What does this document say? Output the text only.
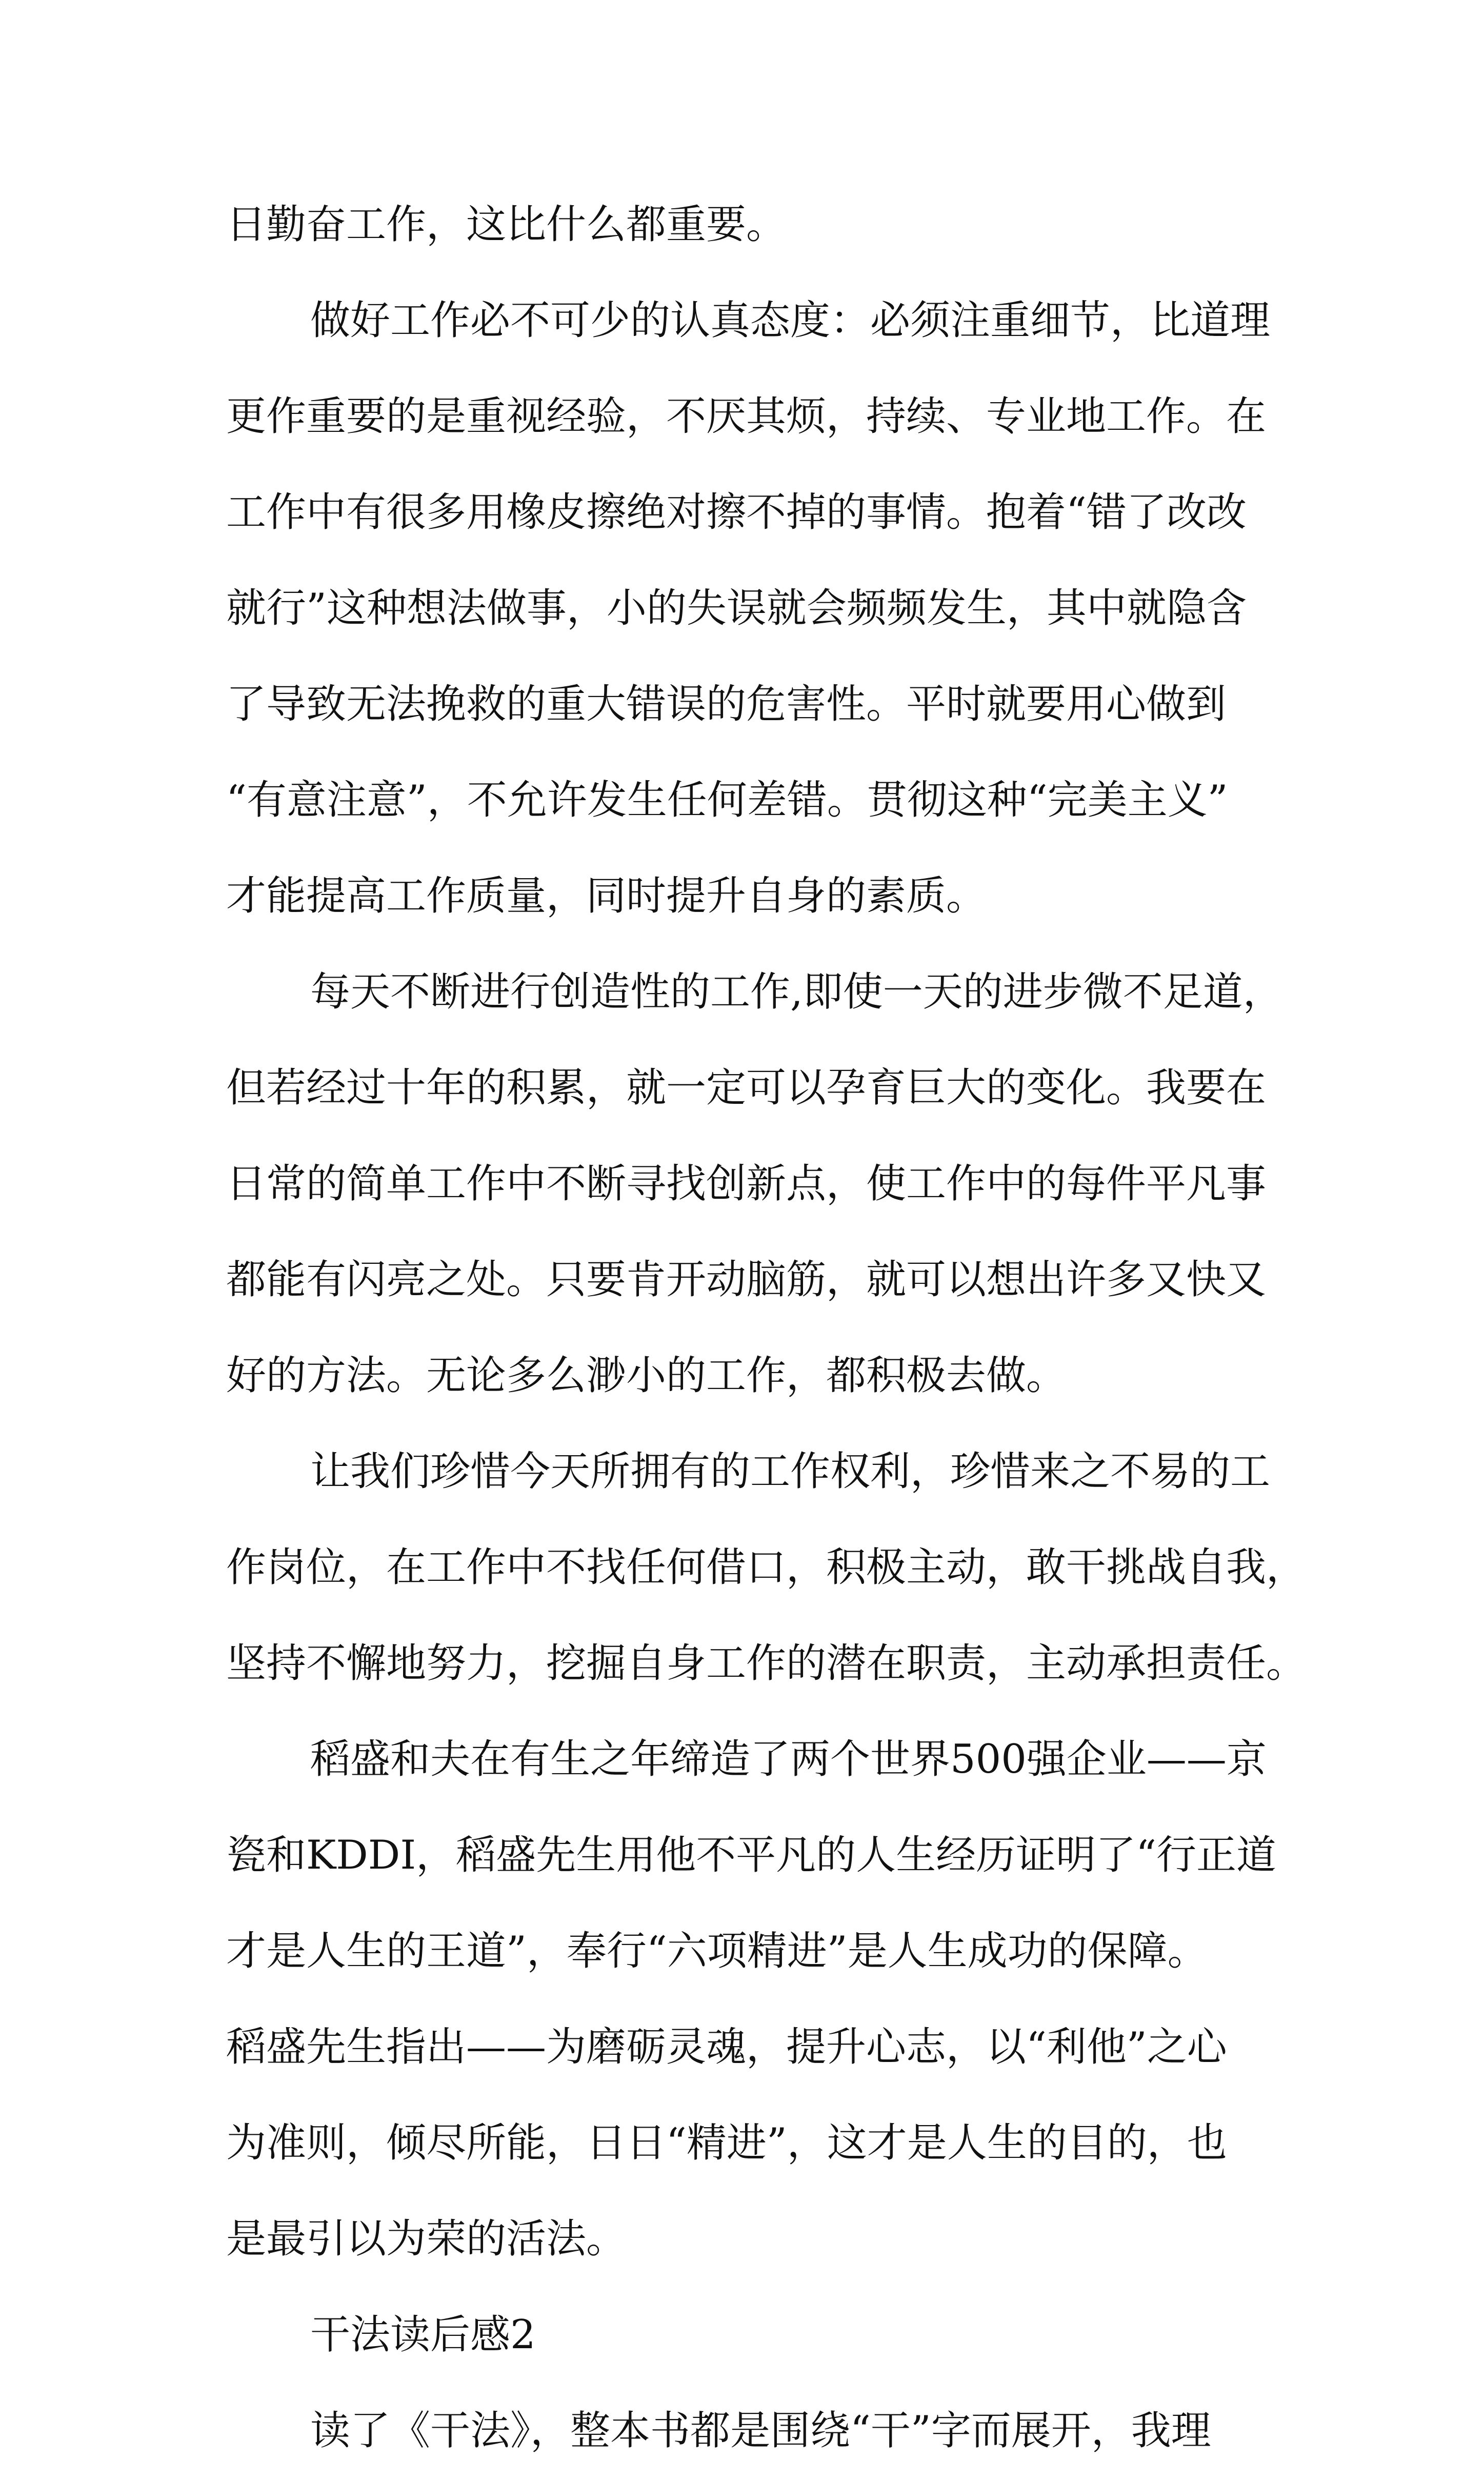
日勤奋工作，这比什么都重要。
做好工作必不可少的认真态度：必须注重细节，比道理
更作重要的是重视经验，不厌其烦，持续、专业地工作。在
工作中有很多用橡皮擦绝对擦不掉的事情。抱着“错了改改
就行”这种想法做事，小的失误就会频频发生，其中就隐含
了导致无法挽救的重大错误的危害性。平时就要用心做到
“有意注意”，不允许发生任何差错。贯彻这种“完美主义”
才能提高工作质量，同时提升自身的素质。
每天不断进行创造性的工作,即使一天的进步微不足道，
但若经过十年的积累，就一定可以孕育巨大的变化。我要在
日常的简单工作中不断寻找创新点，使工作中的每件平凡事
都能有闪亮之处。只要肯开动脑筋，就可以想出许多又快又
好的方法。无论多么渺小的工作，都积极去做。
让我们珍惜今天所拥有的工作权利，珍惜来之不易的工
作岗位，在工作中不找任何借口，积极主动，敢干挑战自我，
坚持不懈地努力，挖掘自身工作的潜在职责，主动承担责任。
稻盛和夫在有生之年缔造了两个世界500强企业——京
瓷和KDDI，稻盛先生用他不平凡的人生经历证明了“行正道
才是人生的王道”，奉行“六项精进”是人生成功的保障。
稻盛先生指出——为磨砺灵魂，提升心志，以“利他”之心
为准则，倾尽所能，日日“精进”，这才是人生的目的，也
是最引以为荣的活法。
干法读后感2
读了《干法》，整本书都是围绕“干”字而展开，我理
